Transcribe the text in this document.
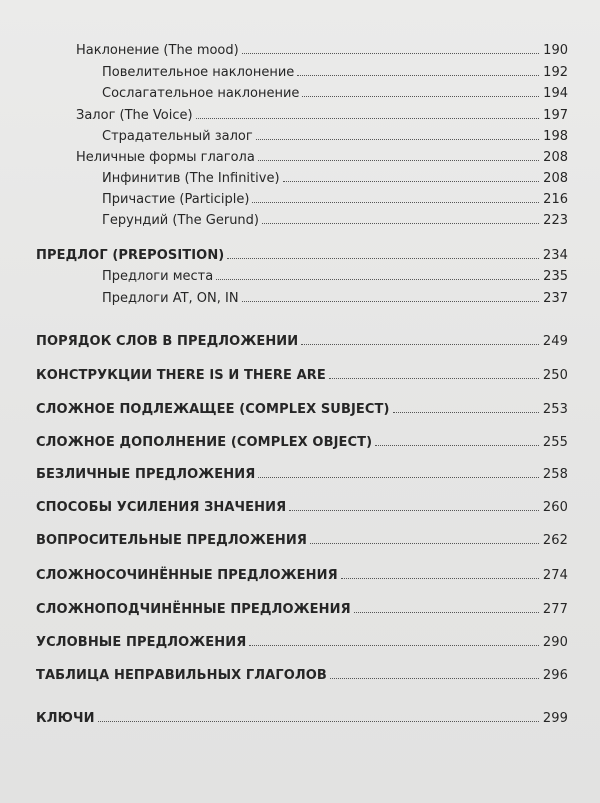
Наклонение (The mood)	190
Повелительное наклонение	192
Сослагательное наклонение	194
Залог (The Voice)	197
Страдательный залог	198
Неличные формы глагола	208
Инфинитив (The Infinitive)	208
Причастие (Participle)	216
Герундий (The Gerund)	223
ПРЕДЛОГ (PREPOSITION)	234
Предлоги места	235
Предлоги AT, ON, IN	237
ПОРЯДОК СЛОВ В ПРЕДЛОЖЕНИИ	249
КОНСТРУКЦИИ THERE IS И THERE ARE	250
СЛОЖНОЕ ПОДЛЕЖАЩЕЕ (COMPLEX SUBJECT)	253
СЛОЖНОЕ ДОПОЛНЕНИЕ (COMPLEX OBJECT)	255
БЕЗЛИЧНЫЕ ПРЕДЛОЖЕНИЯ	258
СПОСОБЫ УСИЛЕНИЯ ЗНАЧЕНИЯ	260
ВОПРОСИТЕЛЬНЫЕ ПРЕДЛОЖЕНИЯ	262
СЛОЖНОСОЧИНЁННЫЕ ПРЕДЛОЖЕНИЯ	274
СЛОЖНОПОДЧИНЁННЫЕ ПРЕДЛОЖЕНИЯ	277
УСЛОВНЫЕ ПРЕДЛОЖЕНИЯ	290
ТАБЛИЦА НЕПРАВИЛЬНЫХ ГЛАГОЛОВ	296
КЛЮЧИ	299
